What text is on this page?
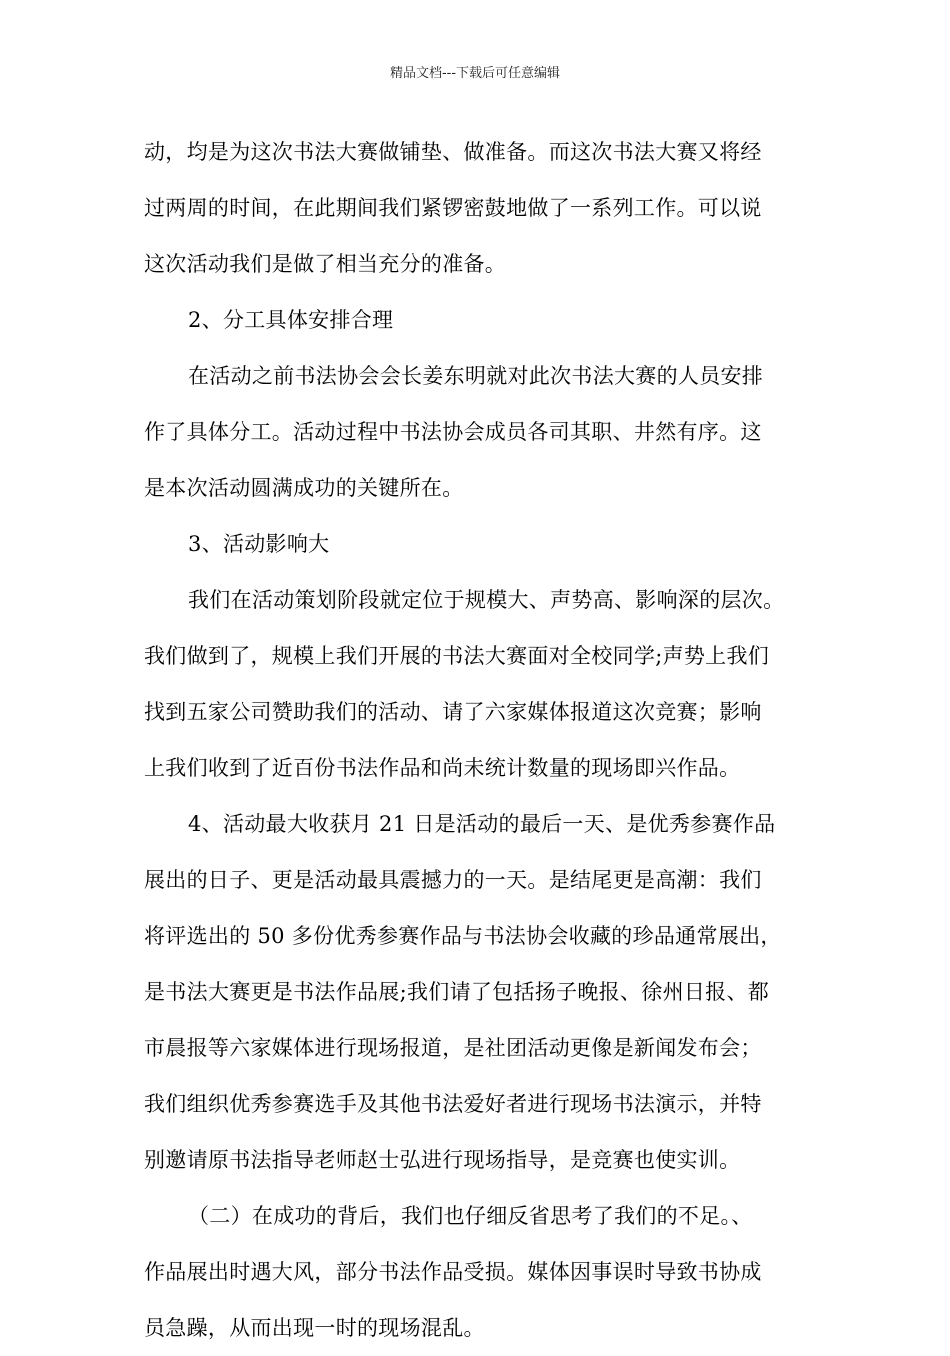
精品文档---下载后可任意编辑
动，均是为这次书法大赛做铺垫、做准备。而这次书法大赛又将经
过两周的时间，在此期间我们紧锣密鼓地做了一系列工作。可以说
这次活动我们是做了相当充分的准备。
2、分工具体安排合理
在活动之前书法协会会长姜东明就对此次书法大赛的人员安排
作了具体分工。活动过程中书法协会成员各司其职、井然有序。这
是本次活动圆满成功的关键所在。
3、活动影响大
我们在活动策划阶段就定位于规模大、声势高、影响深的层次。
我们做到了，规模上我们开展的书法大赛面对全校同学;声势上我们
找到五家公司赞助我们的活动、请了六家媒体报道这次竞赛；影响
上我们收到了近百份书法作品和尚未统计数量的现场即兴作品。
4、活动最大收获月 21 日是活动的最后一天、是优秀参赛作品
展出的日子、更是活动最具震撼力的一天。是结尾更是高潮：我们
将评选出的 50 多份优秀参赛作品与书法协会收藏的珍品通常展出，
是书法大赛更是书法作品展;我们请了包括扬子晚报、徐州日报、都
市晨报等六家媒体进行现场报道，是社团活动更像是新闻发布会；
我们组织优秀参赛选手及其他书法爱好者进行现场书法演示，并特
别邀请原书法指导老师赵士弘进行现场指导，是竞赛也使实训。
（二）在成功的背后，我们也仔细反省思考了我们的不足。、
作品展出时遇大风，部分书法作品受损。媒体因事误时导致书协成
员急躁，从而出现一时的现场混乱。
